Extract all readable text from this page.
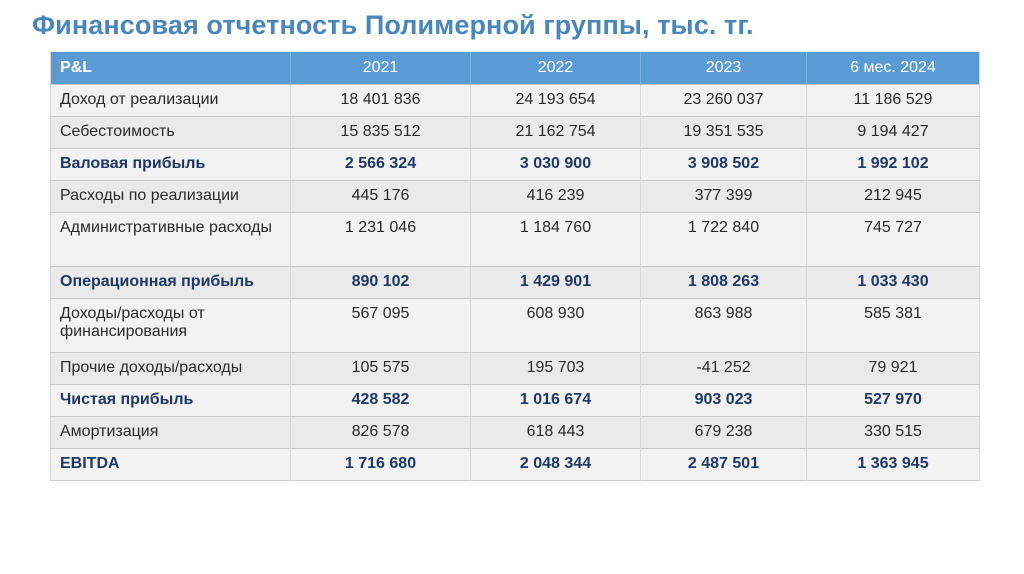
Финансовая отчетность Полимерной группы, тыс. тг.
P&L	2021	2022	2023	6 мес. 2024
Доход от реализации	18 401 836	24 193 654	23 260 037	11 186 529
Себестоимость	15 835 512	21 162 754	19 351 535	9 194 427
Валовая прибыль	2 566 324	3 030 900	3 908 502	1 992 102
Расходы по реализации	445 176	416 239	377 399	212 945
Административные расходы	1 231 046	1 184 760	1 722 840	745 727
Операционная прибыль	890 102	1 429 901	1 808 263	1 033 430
Доходы/расходы от финансирования	567 095	608 930	863 988	585 381
Прочие доходы/расходы	105 575	195 703	-41 252	79 921
Чистая прибыль	428 582	1 016 674	903 023	527 970
Амортизация	826 578	618 443	679 238	330 515
EBITDA	1 716 680	2 048 344	2 487 501	1 363 945
